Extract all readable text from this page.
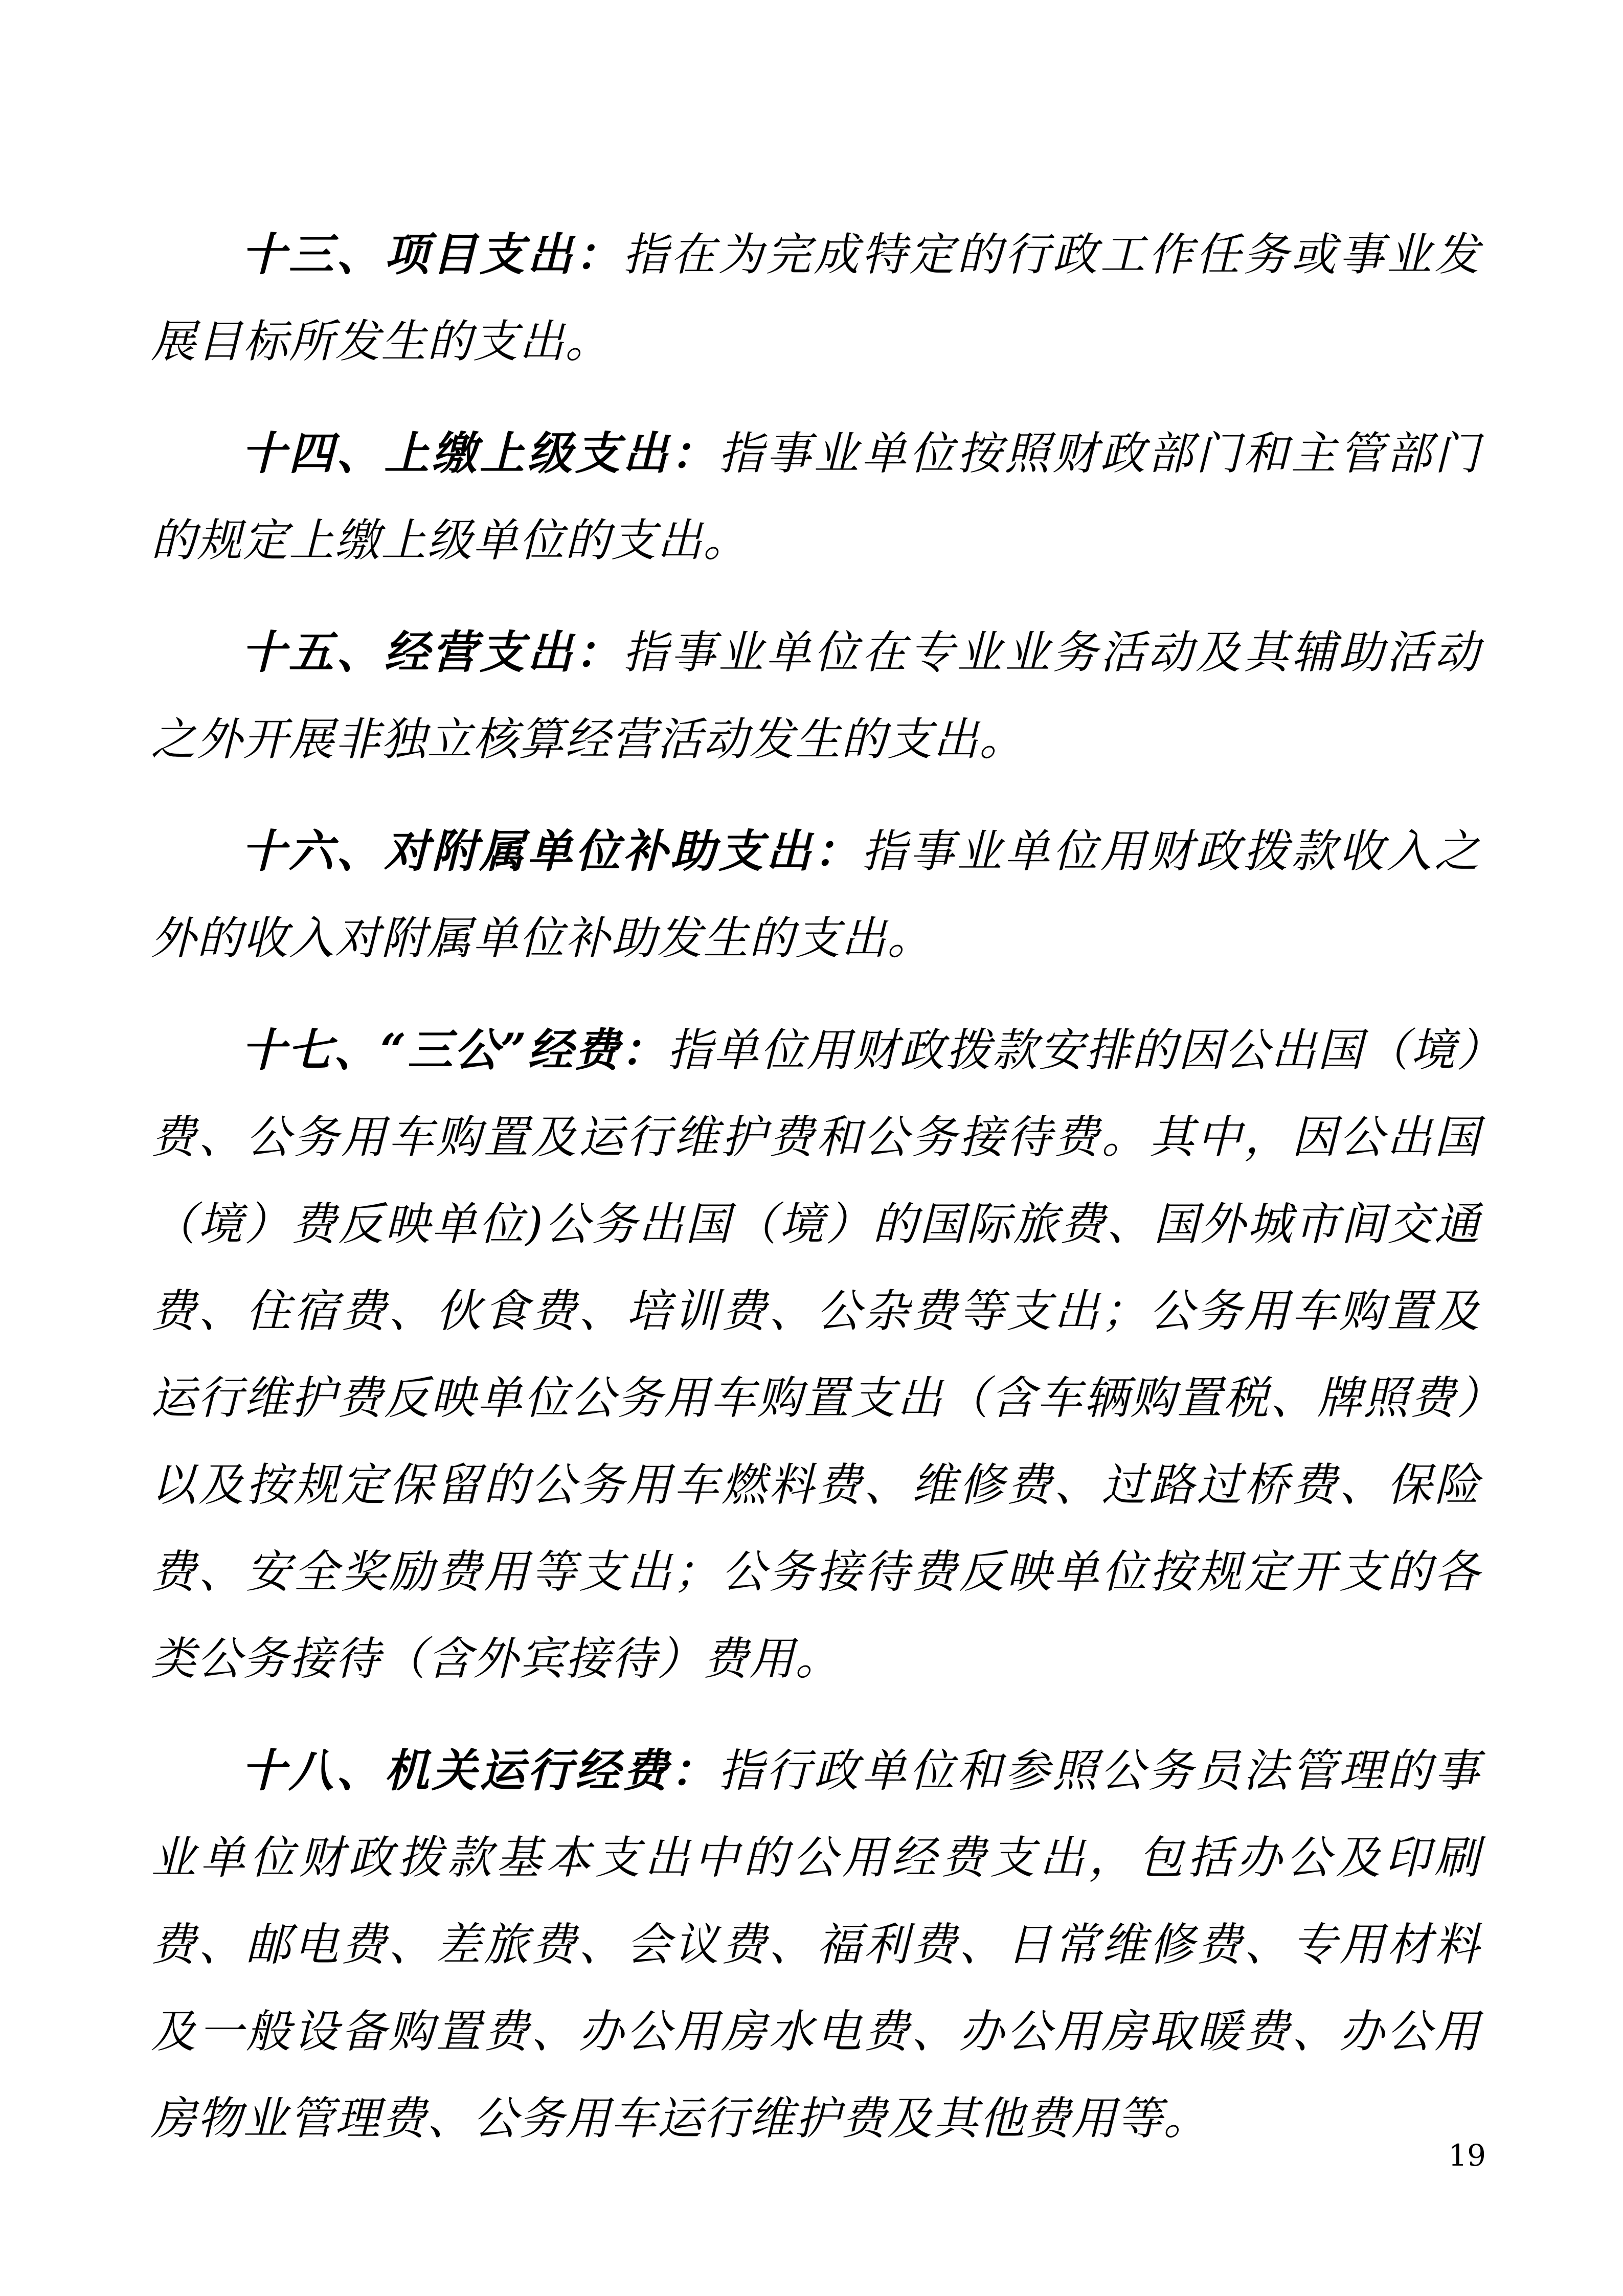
十三、项目支出：指在为完成特定的行政工作任务或事业发展目标所发生的支出。

十四、上缴上级支出：指事业单位按照财政部门和主管部门的规定上缴上级单位的支出。

十五、经营支出：指事业单位在专业业务活动及其辅助活动之外开展非独立核算经营活动发生的支出。

十六、对附属单位补助支出：指事业单位用财政拨款收入之外的收入对附属单位补助发生的支出。

十七、“三公”经费：指单位用财政拨款安排的因公出国（境）费、公务用车购置及运行维护费和公务接待费。其中，因公出国（境）费反映单位)公务出国（境）的国际旅费、国外城市间交通费、住宿费、伙食费、培训费、公杂费等支出；公务用车购置及运行维护费反映单位公务用车购置支出（含车辆购置税、牌照费）以及按规定保留的公务用车燃料费、维修费、过路过桥费、保险费、安全奖励费用等支出；公务接待费反映单位按规定开支的各类公务接待（含外宾接待）费用。

十八、机关运行经费：指行政单位和参照公务员法管理的事业单位财政拨款基本支出中的公用经费支出，包括办公及印刷费、邮电费、差旅费、会议费、福利费、日常维修费、专用材料及一般设备购置费、办公用房水电费、办公用房取暖费、办公用房物业管理费、公务用车运行维护费及其他费用等。

19
